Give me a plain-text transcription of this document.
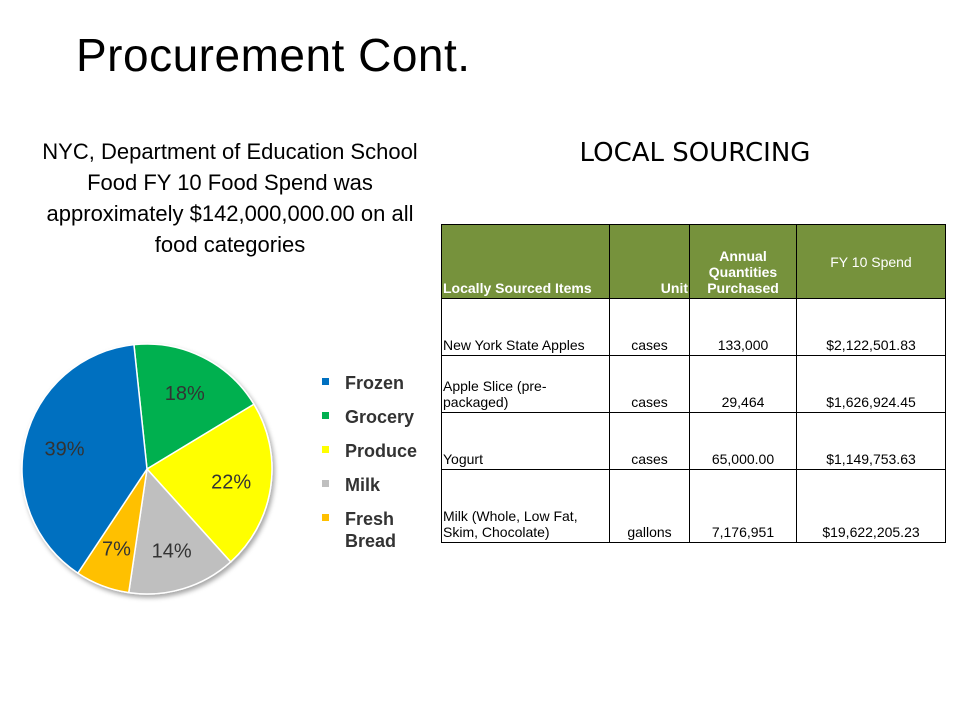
Procurement Cont.
NYC, Department of Education School Food FY 10 Food Spend was approximately $142,000,000.00 on all food categories
LOCAL SOURCING
18%
22%
14%
7%
39%
Frozen
Grocery
Produce
Milk
Fresh Bread
Locally Sourced Items	Unit	Annual Quantities Purchased	FY 10 Spend
New York State Apples	cases	133,000	$2,122,501.83
Apple Slice (pre-packaged)	cases	29,464	$1,626,924.45
Yogurt	cases	65,000.00	$1,149,753.63
Milk (Whole, Low Fat, Skim, Chocolate)	gallons	7,176,951	$19,622,205.23
